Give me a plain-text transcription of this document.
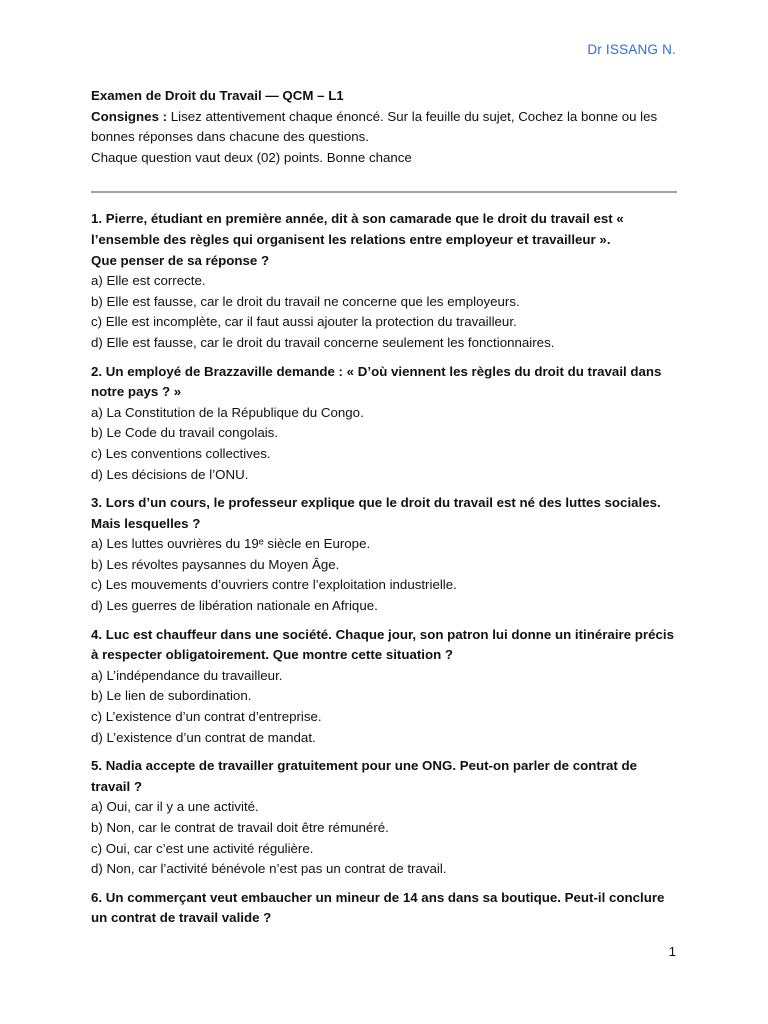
Dr ISSANG N.
Examen de Droit du Travail — QCM – L1
Consignes : Lisez attentivement chaque énoncé. Sur la feuille du sujet, Cochez la bonne ou les bonnes réponses dans chacune des questions.
Chaque question vaut deux (02) points. Bonne chance
1. Pierre, étudiant en première année, dit à son camarade que le droit du travail est « l’ensemble des règles qui organisent les relations entre employeur et travailleur ».
Que penser de sa réponse ?
a) Elle est correcte.
b) Elle est fausse, car le droit du travail ne concerne que les employeurs.
c) Elle est incomplète, car il faut aussi ajouter la protection du travailleur.
d) Elle est fausse, car le droit du travail concerne seulement les fonctionnaires.
2. Un employé de Brazzaville demande : « D’où viennent les règles du droit du travail dans notre pays ? »
a) La Constitution de la République du Congo.
b) Le Code du travail congolais.
c) Les conventions collectives.
d) Les décisions de l’ONU.
3. Lors d’un cours, le professeur explique que le droit du travail est né des luttes sociales. Mais lesquelles ?
a) Les luttes ouvrières du 19ᵉ siècle en Europe.
b) Les révoltes paysannes du Moyen Âge.
c) Les mouvements d’ouvriers contre l’exploitation industrielle.
d) Les guerres de libération nationale en Afrique.
4. Luc est chauffeur dans une société. Chaque jour, son patron lui donne un itinéraire précis à respecter obligatoirement. Que montre cette situation ?
a) L’indépendance du travailleur.
b) Le lien de subordination.
c) L’existence d’un contrat d’entreprise.
d) L’existence d’un contrat de mandat.
5. Nadia accepte de travailler gratuitement pour une ONG. Peut-on parler de contrat de travail ?
a) Oui, car il y a une activité.
b) Non, car le contrat de travail doit être rémunéré.
c) Oui, car c’est une activité régulière.
d) Non, car l’activité bénévole n’est pas un contrat de travail.
6. Un commerçant veut embaucher un mineur de 14 ans dans sa boutique. Peut-il conclure un contrat de travail valide ?
1
